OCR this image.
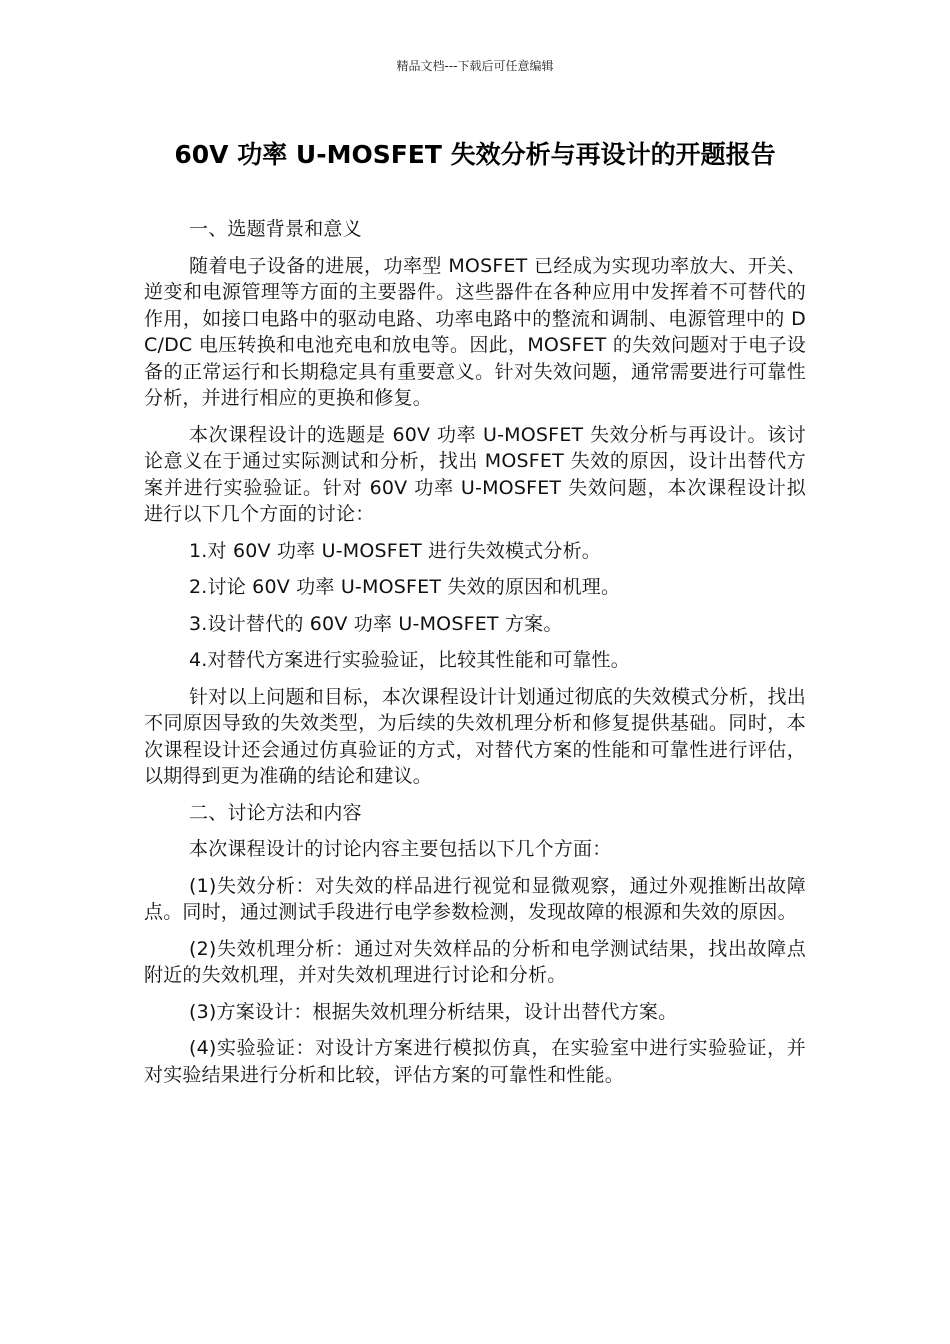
精品文档---下载后可任意编辑
60V 功率 U-MOSFET 失效分析与再设计的开题报告

一、选题背景和意义

随着电子设备的进展，功率型 MOSFET 已经成为实现功率放大、开关、逆变和电源管理等方面的主要器件。这些器件在各种应用中发挥着不可替代的作用，如接口电路中的驱动电路、功率电路中的整流和调制、电源管理中的 DC/DC 电压转换和电池充电和放电等。因此，MOSFET 的失效问题对于电子设备的正常运行和长期稳定具有重要意义。针对失效问题，通常需要进行可靠性分析，并进行相应的更换和修复。

本次课程设计的选题是 60V 功率 U-MOSFET 失效分析与再设计。该讨论意义在于通过实际测试和分析，找出 MOSFET 失效的原因，设计出替代方案并进行实验验证。针对 60V 功率 U-MOSFET 失效问题，本次课程设计拟进行以下几个方面的讨论：

1.对 60V 功率 U-MOSFET 进行失效模式分析。

2.讨论 60V 功率 U-MOSFET 失效的原因和机理。

3.设计替代的 60V 功率 U-MOSFET 方案。

4.对替代方案进行实验验证，比较其性能和可靠性。

针对以上问题和目标，本次课程设计计划通过彻底的失效模式分析，找出不同原因导致的失效类型，为后续的失效机理分析和修复提供基础。同时，本次课程设计还会通过仿真验证的方式，对替代方案的性能和可靠性进行评估，以期得到更为准确的结论和建议。

二、讨论方法和内容

本次课程设计的讨论内容主要包括以下几个方面：

(1)失效分析：对失效的样品进行视觉和显微观察，通过外观推断出故障点。同时，通过测试手段进行电学参数检测，发现故障的根源和失效的原因。

(2)失效机理分析：通过对失效样品的分析和电学测试结果，找出故障点附近的失效机理，并对失效机理进行讨论和分析。

(3)方案设计：根据失效机理分析结果，设计出替代方案。

(4)实验验证：对设计方案进行模拟仿真，在实验室中进行实验验证，并对实验结果进行分析和比较，评估方案的可靠性和性能。
